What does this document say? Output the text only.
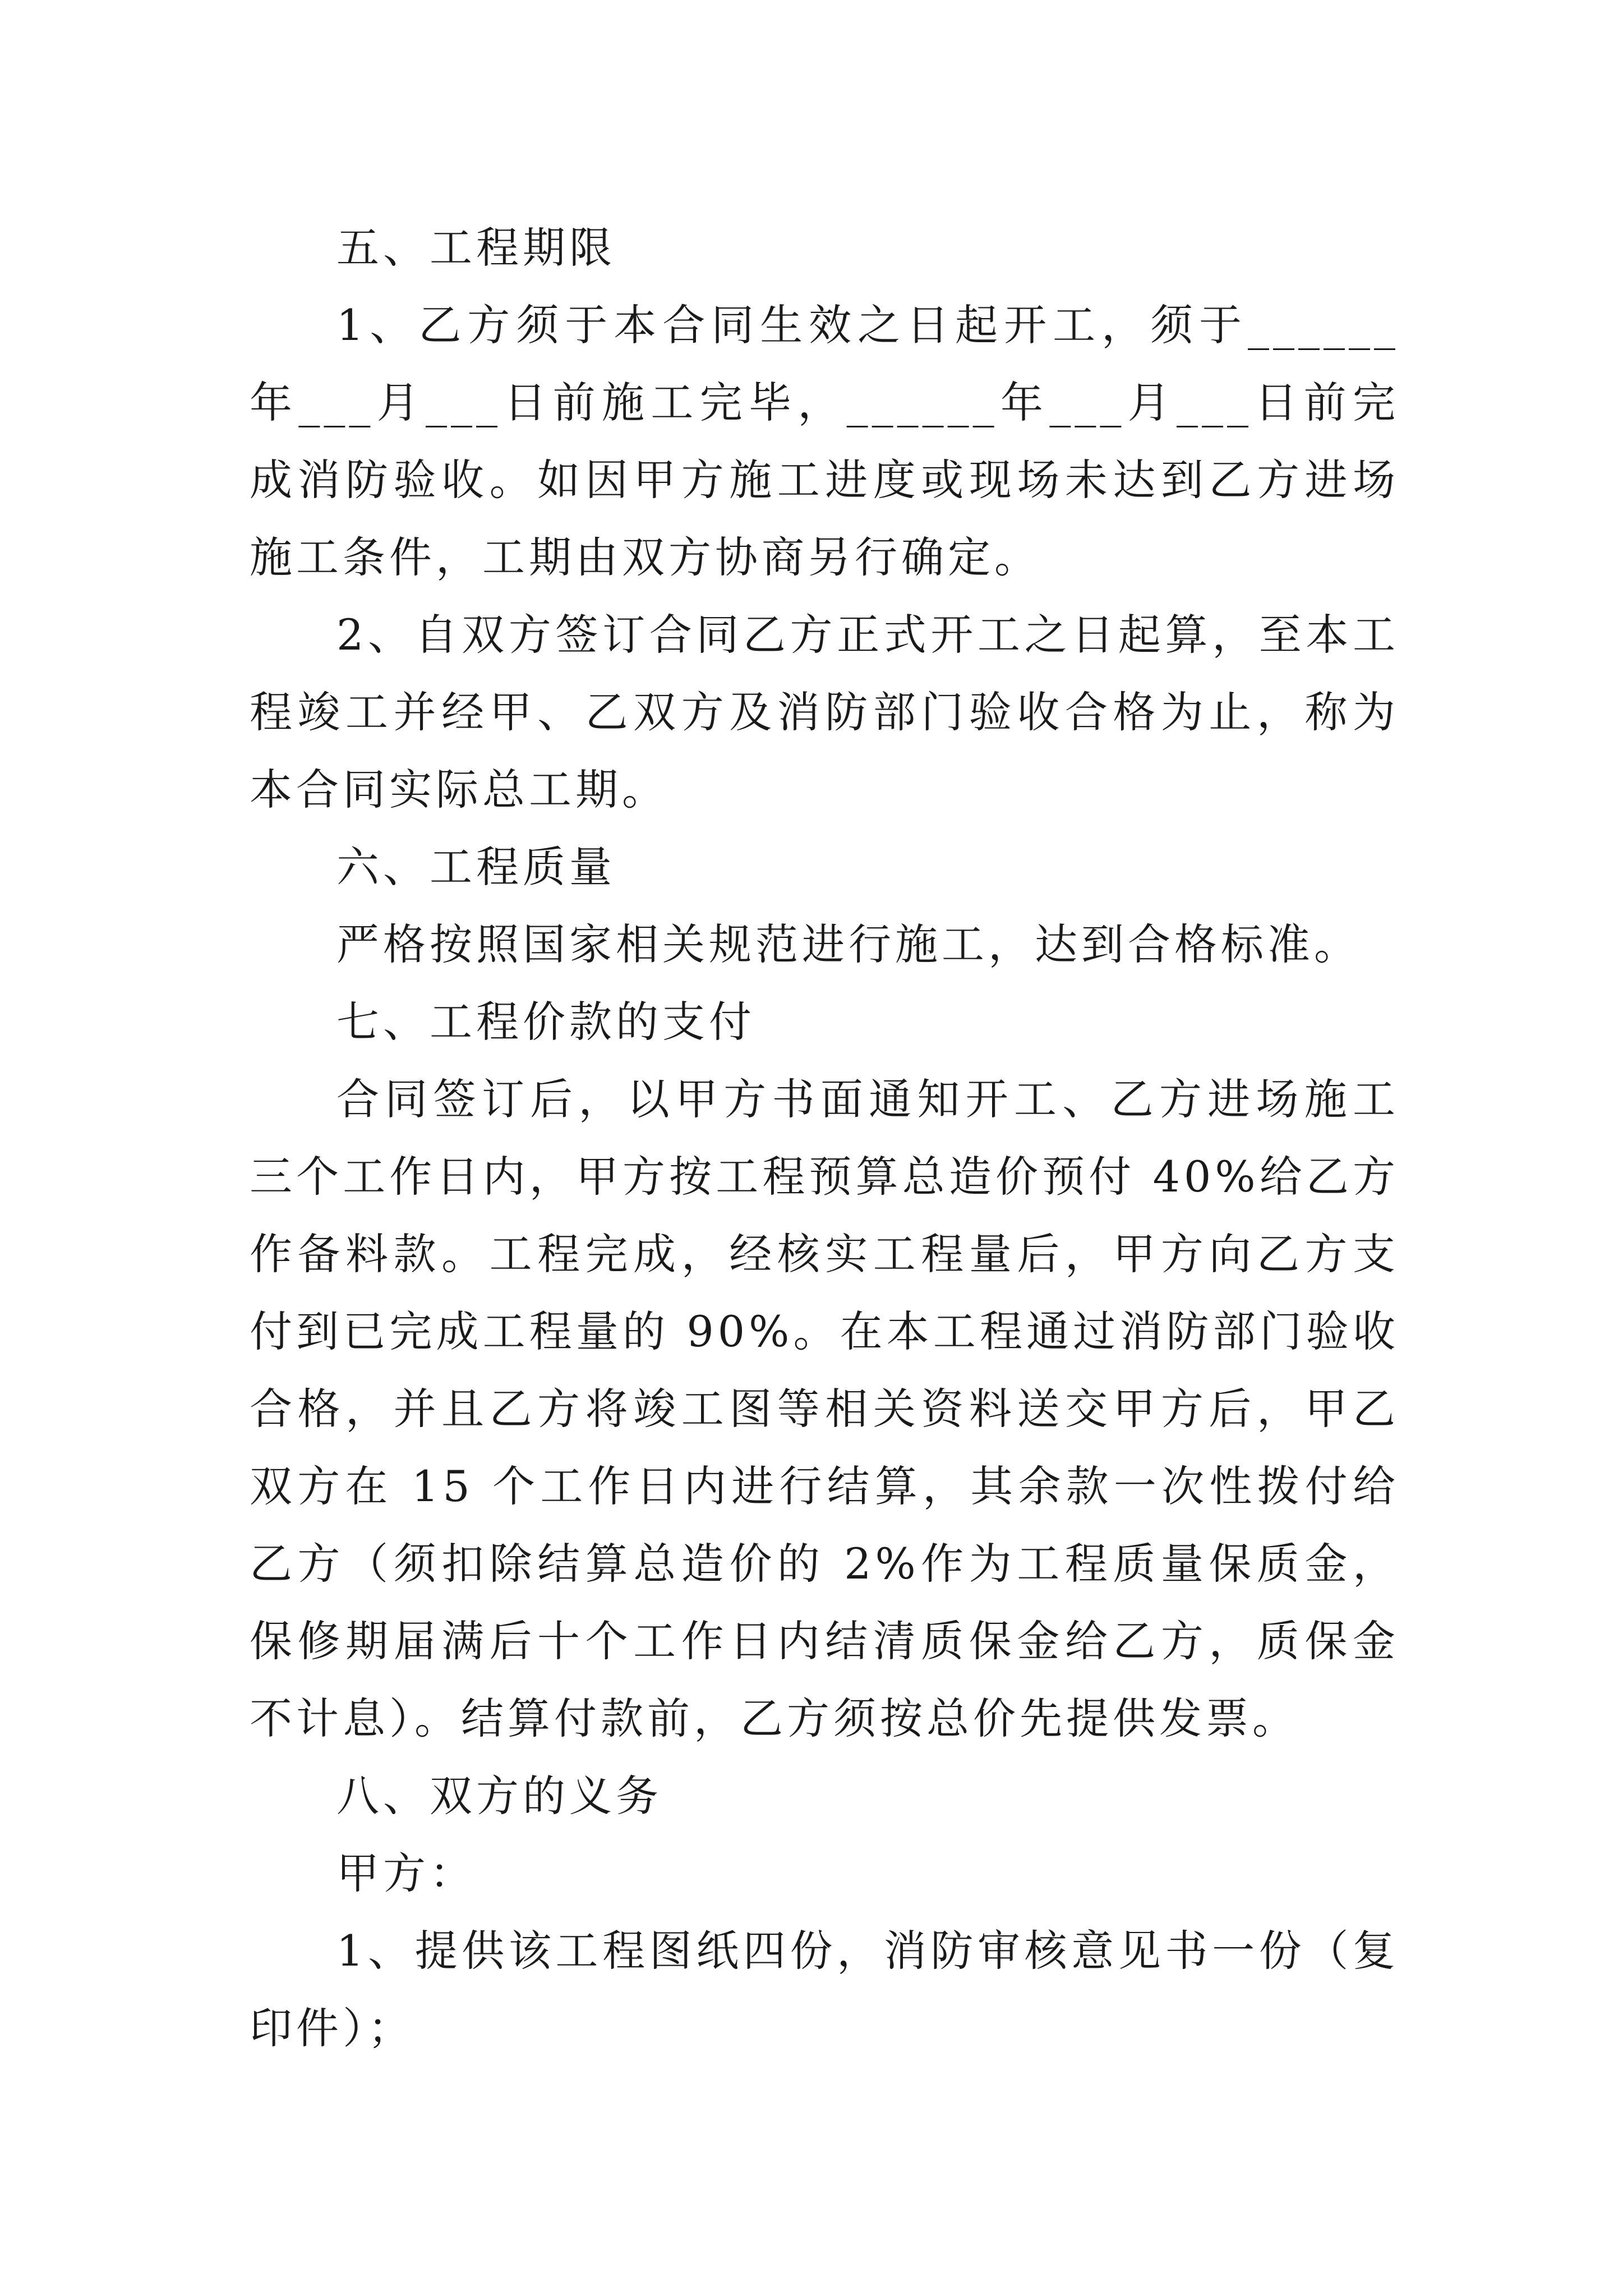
五、工程期限

1、乙方须于本合同生效之日起开工，须于______年___月___日前施工完毕，______年___月___日前完成消防验收。如因甲方施工进度或现场未达到乙方进场施工条件，工期由双方协商另行确定。

2、自双方签订合同乙方正式开工之日起算，至本工程竣工并经甲、乙双方及消防部门验收合格为止，称为本合同实际总工期。

六、工程质量

严格按照国家相关规范进行施工，达到合格标准。

七、工程价款的支付

合同签订后，以甲方书面通知开工、乙方进场施工三个工作日内，甲方按工程预算总造价预付 40%给乙方作备料款。工程完成，经核实工程量后，甲方向乙方支付到已完成工程量的 90%。在本工程通过消防部门验收合格，并且乙方将竣工图等相关资料送交甲方后，甲乙双方在 15 个工作日内进行结算，其余款一次性拨付给乙方（须扣除结算总造价的 2%作为工程质量保质金，保修期届满后十个工作日内结清质保金给乙方，质保金不计息）。结算付款前，乙方须按总价先提供发票。

八、双方的义务

甲方：

1、提供该工程图纸四份，消防审核意见书一份（复印件）；
